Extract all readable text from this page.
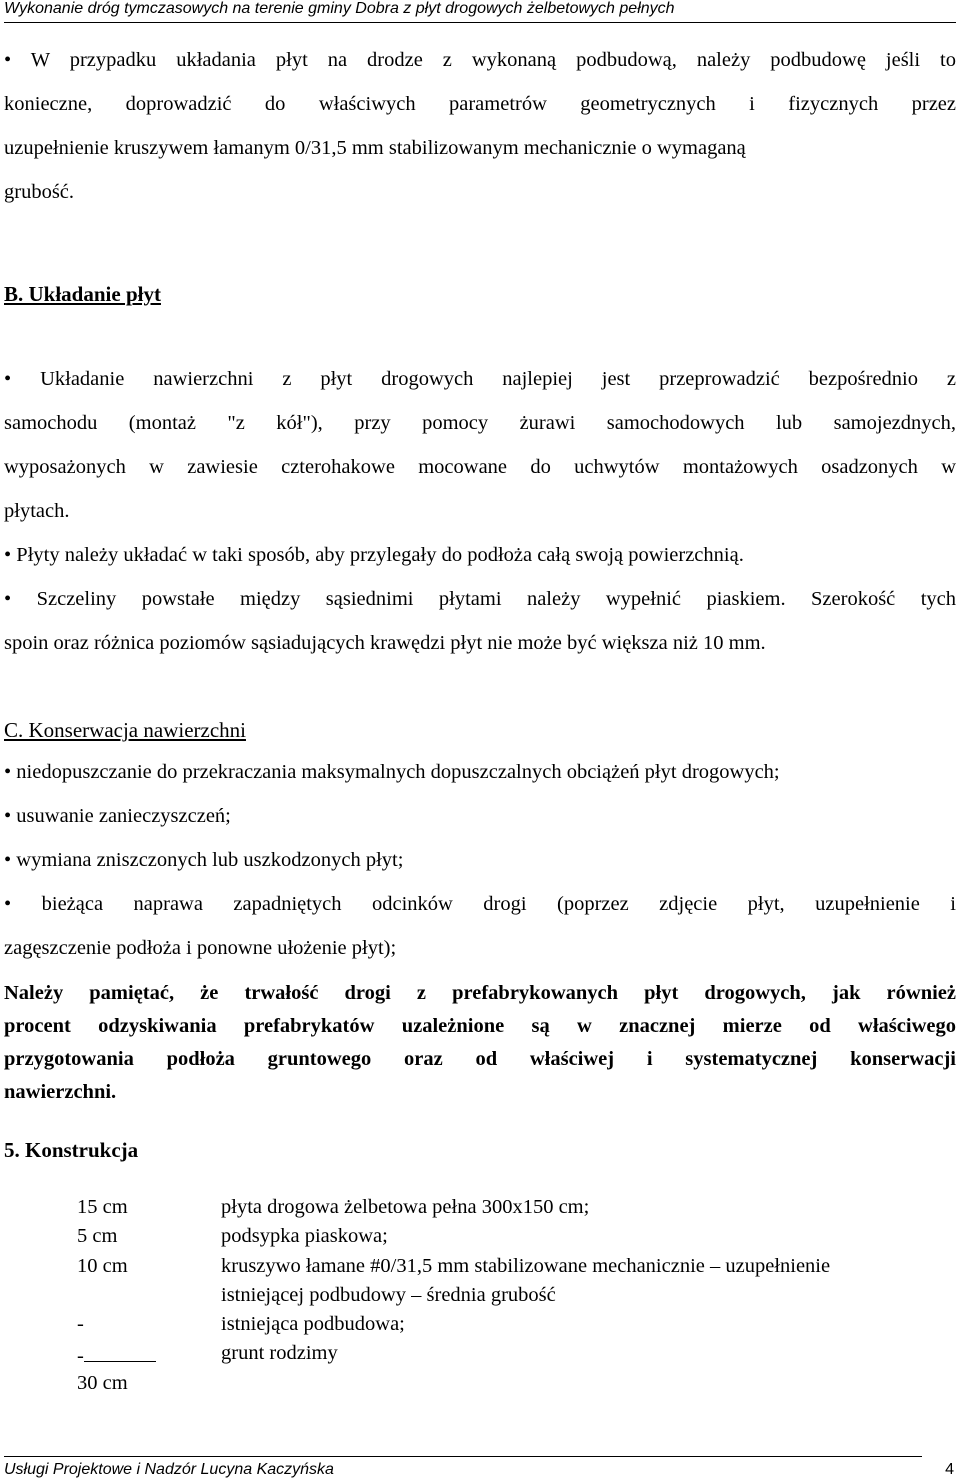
Wykonanie dróg tymczasowych na terenie gminy Dobra z płyt drogowych żelbetowych pełnych
• W przypadku układania płyt na drodze z wykonaną podbudową, należy podbudowę jeśli to
konieczne, doprowadzić do właściwych parametrów geometrycznych i fizycznych przez
uzupełnienie kruszywem łamanym 0/31,5 mm stabilizowanym mechanicznie o wymaganą
grubość.
B. Układanie płyt
• Układanie nawierzchni z płyt drogowych najlepiej jest przeprowadzić bezpośrednio z
samochodu (montaż "z kół"), przy pomocy żurawi samochodowych lub samojezdnych,
wyposażonych w zawiesie czterohakowe mocowane do uchwytów montażowych osadzonych w
płytach.
• Płyty należy układać w taki sposób, aby przylegały do podłoża całą swoją powierzchnią.
• Szczeliny powstałe między sąsiednimi płytami należy wypełnić piaskiem. Szerokość tych
spoin oraz różnica poziomów sąsiadujących krawędzi płyt nie może być większa niż 10 mm.
C. Konserwacja nawierzchni
• niedopuszczanie do przekraczania maksymalnych dopuszczalnych obciążeń płyt drogowych;
• usuwanie zanieczyszczeń;
• wymiana zniszczonych lub uszkodzonych płyt;
• bieżąca naprawa zapadniętych odcinków drogi (poprzez zdjęcie płyt, uzupełnienie i
zagęszczenie podłoża i ponowne ułożenie płyt);
Należy pamiętać, że trwałość drogi z prefabrykowanych płyt drogowych, jak również
procent odzyskiwania prefabrykatów uzależnione są w znacznej mierze od właściwego
przygotowania podłoża gruntowego oraz od właściwej i systematycznej konserwacji
nawierzchni.
5. Konstrukcja
15 cm	płyta drogowa żelbetowa pełna 300x150 cm;
5 cm	podsypka piaskowa;
10 cm	kruszywo łamane #0/31,5 mm stabilizowane mechanicznie – uzupełnienie
istniejącej podbudowy – średnia grubość
-	istniejąca podbudowa;
-	grunt rodzimy
30 cm
Usługi Projektowe i Nadzór Lucyna Kaczyńska	4
